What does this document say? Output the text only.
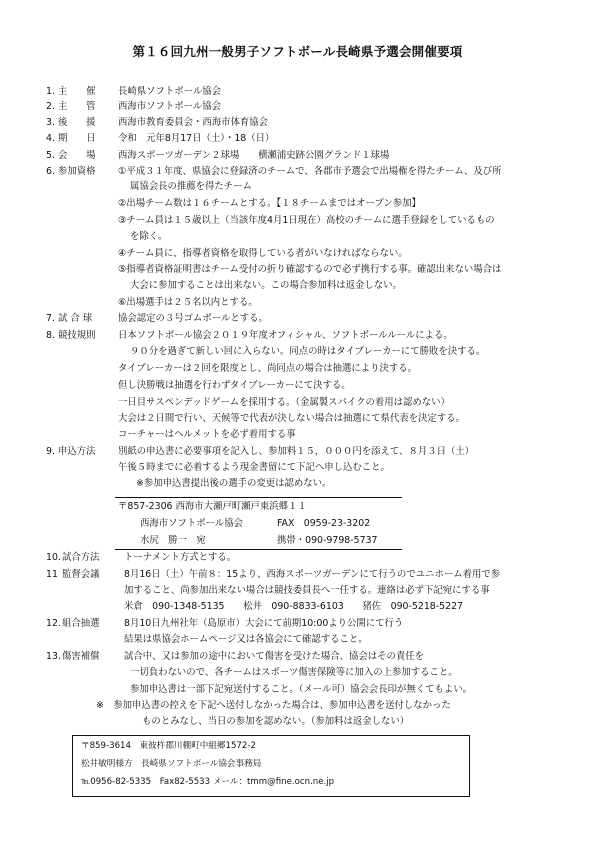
第１６回九州一般男子ソフトボール長崎県予選会開催要項
1. 主　　催 長崎県ソフトボール協会
2. 主　　管 西海市ソフトボール協会
3. 後　　援 西海市教育委員会・西海市体育協会
4. 期　　日 令和　元年8月17日（土）・18（日）
5. 会　　場 西海スポーツガーデン２球場　　横瀬浦史跡公園グランド１球場
6. 参加資格 ①平成３１年度、県協会に登録済のチームで、各郡市予選会で出場権を得たチーム、及び所
属協会長の推薦を得たチーム
②出場チーム数は１６チームとする。【１８チームまではオープン参加】
③チーム員は１５歳以上（当該年度4月1日現在）高校のチームに選手登録をしているもの
を除く。
④チーム員に、指導者資格を取得している者がいなければならない。
⑤指導者資格証明書はチーム受付の折り確認するので必ず携行する事。確認出来ない場合は
大会に参加することは出来ない。この場合参加料は返金しない。
⑥出場選手は２５名以内とする。
7. 試 合 球	協会認定の３号ゴムボールとする。
8. 競技規則 日本ソフトボール協会２０１９年度オフィシャル、ソフトボールルールによる。
９０分を過ぎて新しい回に入らない。同点の時はタイブレーカーにて勝敗を決する。
タイブレーカーは２回を限度とし、尚同点の場合は抽選により決する。
但し決勝戦は抽選を行わずタイブレーカーにて決する。
一日目サスペンデッドゲームを採用する。（金属製スパイクの着用は認めない）
大会は２日間で行い、天候等で代表が決しない場合は抽選にて県代表を決定する。
コーチャーはヘルメットを必ず着用する事
9. 申込方法 別紙の申込書に必要事項を記入し、参加料１５，０００円を添えて、８月３日（土）
午後５時までに必着するよう現金書留にて下記へ申し込むこと。
※参加申込書提出後の選手の変更は認めない。
〒857-2306 西海市大瀬戸町瀬戸東浜郷１１
西海市ソフトボール協会	FAX　0959-23-3202
水尻　勝一　宛	携帯・090-9798-5737
10. 試合方法	トーナメント方式とする。
11 監督会議	8月16日（土）午前８：15より、西海スポーツガーデンにて行うのでユニホーム着用で参
加すること、尚参加出来ない場合は競技委員長へ一任する。連絡は必ず下記宛にする事
米倉　090-1348-5135　　松井　090-8833-6103　　猪佐　090-5218-5227
12. 組合抽選	8月10日九州社年（島原市）大会にて前期10:00より公開にて行う
結果は県協会ホームページ又は各協会にて確認すること。
13. 傷害補償	試合中、又は参加の途中において傷害を受けた場合、協会はその責任を
一切負わないので、各チームはスポーツ傷害保険等に加入の上参加すること。
参加申込書は一部下記宛送付すること。（メール可）協会会長印が無くてもよい。
※　参加申込書の控えを下記へ送付しなかった場合は、参加申込書を送付しなかった
ものとみなし、当日の参加を認めない。（参加料は返金しない）
〒859-3614　東彼杵郡川棚町中組郷1572-2
松井敏明様方　長崎県ソフトボール協会事務局
℡0956-82-5335　Fax82-5533 メール：tmm@fine.ocn.ne.jp
